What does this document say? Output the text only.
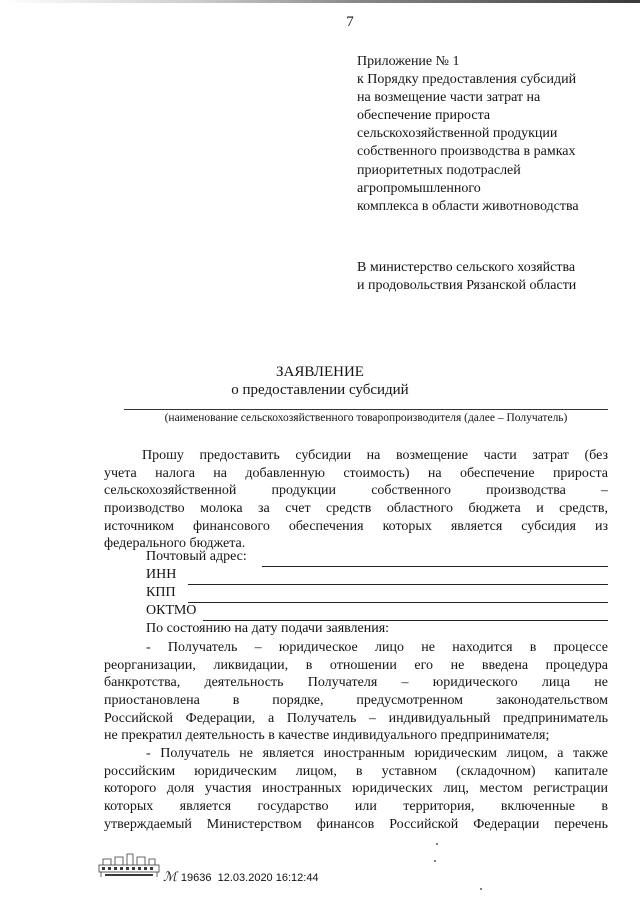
7
Приложение № 1
к Порядку предоставления субсидий
на возмещение части затрат на
обеспечение прироста
сельскохозяйственной продукции
собственного производства в рамках
приоритетных подотраслей
агропромышленного
комплекса в области животноводства
В министерство сельского хозяйства
и продовольствия Рязанской области
ЗАЯВЛЕНИЕ
о предоставлении субсидий
(наименование сельскохозяйственного товаропроизводителя (далее – Получатель)
Прошу предоставить субсидии на возмещение части затрат (без
учета налога на добавленную стоимость) на обеспечение прироста
сельскохозяйственной продукции собственного производства –
производство молока за счет средств областного бюджета и средств,
источником финансового обеспечения которых является субсидия из
федерального бюджета.
Почтовый адрес:
ИНН
КПП
ОКТМО
По состоянию на дату подачи заявления:
- Получатель – юридическое лицо не находится в процессе
реорганизации, ликвидации, в отношении его не введена процедура
банкротства, деятельность Получателя – юридического лица не
приостановлена в порядке, предусмотренном законодательством
Российской Федерации, а Получатель – индивидуальный предприниматель
не прекратил деятельность в качестве индивидуального предпринимателя;
- Получатель не является иностранным юридическим лицом, а также
российским юридическим лицом, в уставном (складочном) капитале
которого доля участия иностранных юридических лиц, местом регистрации
которых является государство или территория, включенные в
утверждаемый Министерством финансов Российской Федерации перечень
ℳ 19636 12.03.2020 16:12:44
